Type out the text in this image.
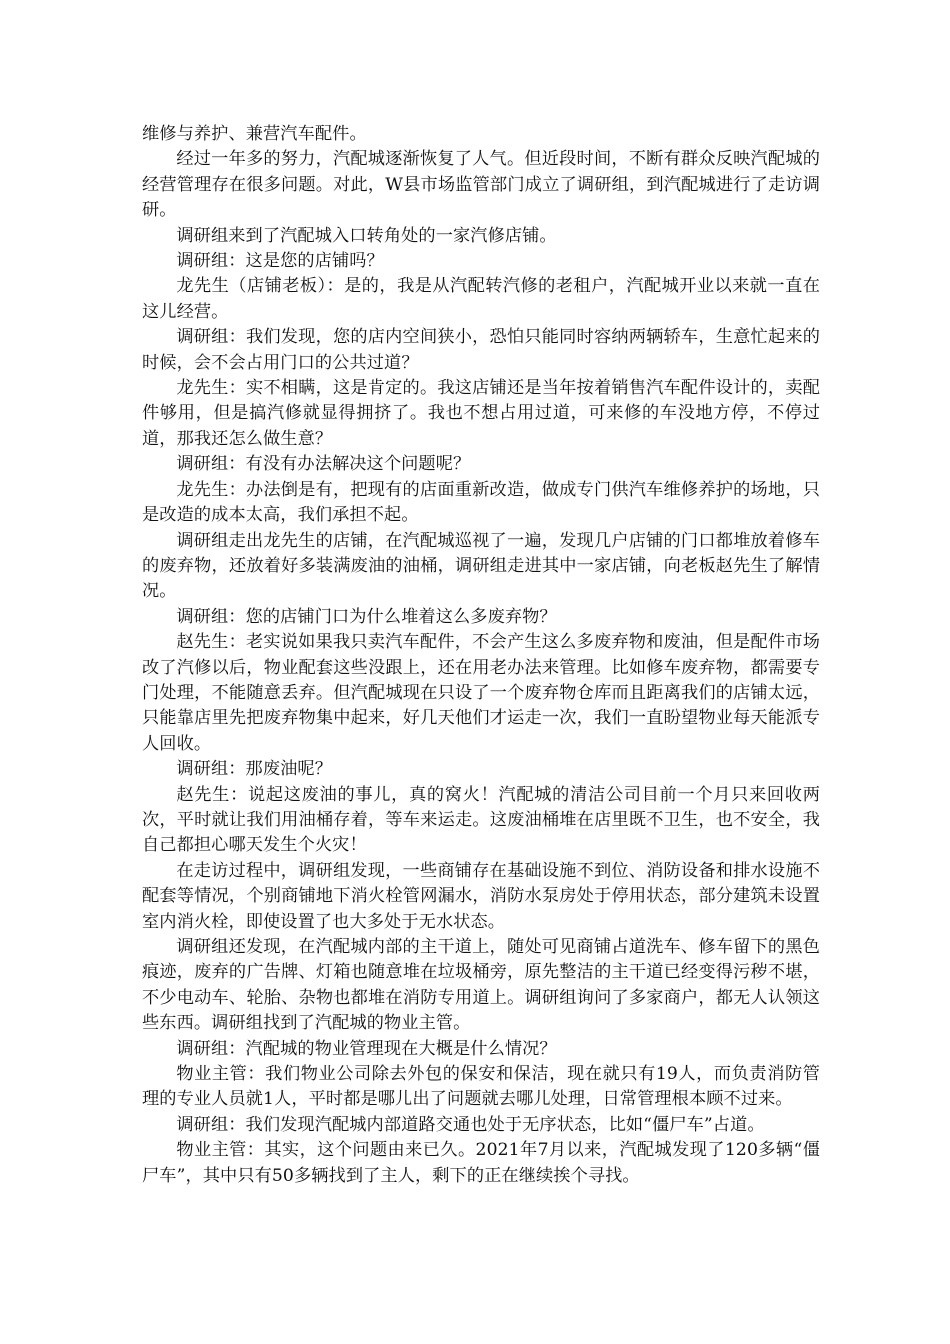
维修与养护、兼营汽车配件。

经过一年多的努力，汽配城逐渐恢复了人气。但近段时间，不断有群众反映汽配城的经营管理存在很多问题。对此，W县市场监管部门成立了调研组，到汽配城进行了走访调研。

调研组来到了汽配城入口转角处的一家汽修店铺。

调研组：这是您的店铺吗？

龙先生（店铺老板）：是的，我是从汽配转汽修的老租户，汽配城开业以来就一直在这儿经营。

调研组：我们发现，您的店内空间狭小，恐怕只能同时容纳两辆轿车，生意忙起来的时候，会不会占用门口的公共过道？

龙先生：实不相瞒，这是肯定的。我这店铺还是当年按着销售汽车配件设计的，卖配件够用，但是搞汽修就显得拥挤了。我也不想占用过道，可来修的车没地方停，不停过道，那我还怎么做生意？

调研组：有没有办法解决这个问题呢？

龙先生：办法倒是有，把现有的店面重新改造，做成专门供汽车维修养护的场地，只是改造的成本太高，我们承担不起。

调研组走出龙先生的店铺，在汽配城巡视了一遍，发现几户店铺的门口都堆放着修车的废弃物，还放着好多装满废油的油桶，调研组走进其中一家店铺，向老板赵先生了解情况。

调研组：您的店铺门口为什么堆着这么多废弃物？

赵先生：老实说如果我只卖汽车配件，不会产生这么多废弃物和废油，但是配件市场改了汽修以后，物业配套这些没跟上，还在用老办法来管理。比如修车废弃物，都需要专门处理，不能随意丢弃。但汽配城现在只设了一个废弃物仓库而且距离我们的店铺太远，只能靠店里先把废弃物集中起来，好几天他们才运走一次，我们一直盼望物业每天能派专人回收。

调研组：那废油呢？

赵先生：说起这废油的事儿，真的窝火！汽配城的清洁公司目前一个月只来回收两次，平时就让我们用油桶存着，等车来运走。这废油桶堆在店里既不卫生，也不安全，我自己都担心哪天发生个火灾！

在走访过程中，调研组发现，一些商铺存在基础设施不到位、消防设备和排水设施不配套等情况，个别商铺地下消火栓管网漏水，消防水泵房处于停用状态，部分建筑未设置室内消火栓，即使设置了也大多处于无水状态。

调研组还发现，在汽配城内部的主干道上，随处可见商铺占道洗车、修车留下的黑色痕迹，废弃的广告牌、灯箱也随意堆在垃圾桶旁，原先整洁的主干道已经变得污秽不堪，不少电动车、轮胎、杂物也都堆在消防专用道上。调研组询问了多家商户，都无人认领这些东西。调研组找到了汽配城的物业主管。

调研组：汽配城的物业管理现在大概是什么情况？

物业主管：我们物业公司除去外包的保安和保洁，现在就只有19人，而负责消防管理的专业人员就1人，平时都是哪儿出了问题就去哪儿处理，日常管理根本顾不过来。

调研组：我们发现汽配城内部道路交通也处于无序状态，比如“僵尸车”占道。

物业主管：其实，这个问题由来已久。2021年7月以来，汽配城发现了120多辆“僵尸车”，其中只有50多辆找到了主人，剩下的正在继续挨个寻找。
